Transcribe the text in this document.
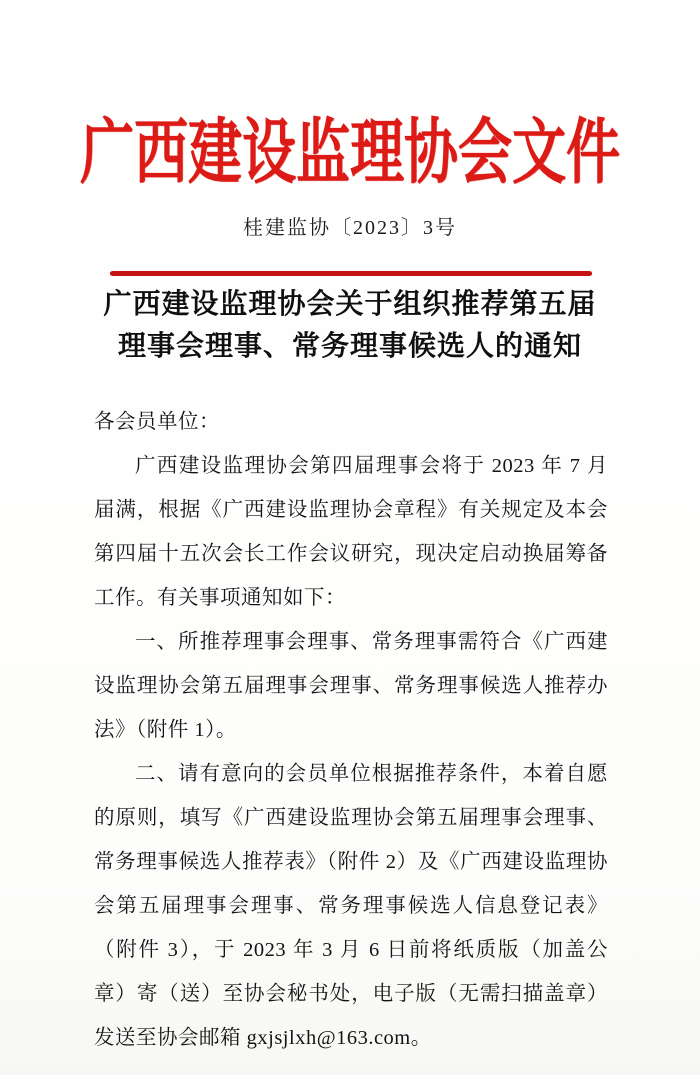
广西建设监理协会文件
桂建监协〔2023〕3号
广西建设监理协会关于组织推荐第五届
理事会理事、常务理事候选人的通知

各会员单位：

广西建设监理协会第四届理事会将于 2023 年 7 月届满，根据《广西建设监理协会章程》有关规定及本会第四届十五次会长工作会议研究，现决定启动换届筹备工作。有关事项通知如下：

一、所推荐理事会理事、常务理事需符合《广西建设监理协会第五届理事会理事、常务理事候选人推荐办法》（附件 1）。

二、请有意向的会员单位根据推荐条件，本着自愿的原则，填写《广西建设监理协会第五届理事会理事、常务理事候选人推荐表》（附件 2）及《广西建设监理协会第五届理事会理事、常务理事候选人信息登记表》（附件 3），于 2023 年 3 月 6 日前将纸质版（加盖公章）寄（送）至协会秘书处，电子版（无需扫描盖章）发送至协会邮箱 gxjsjlxh@163.com。
